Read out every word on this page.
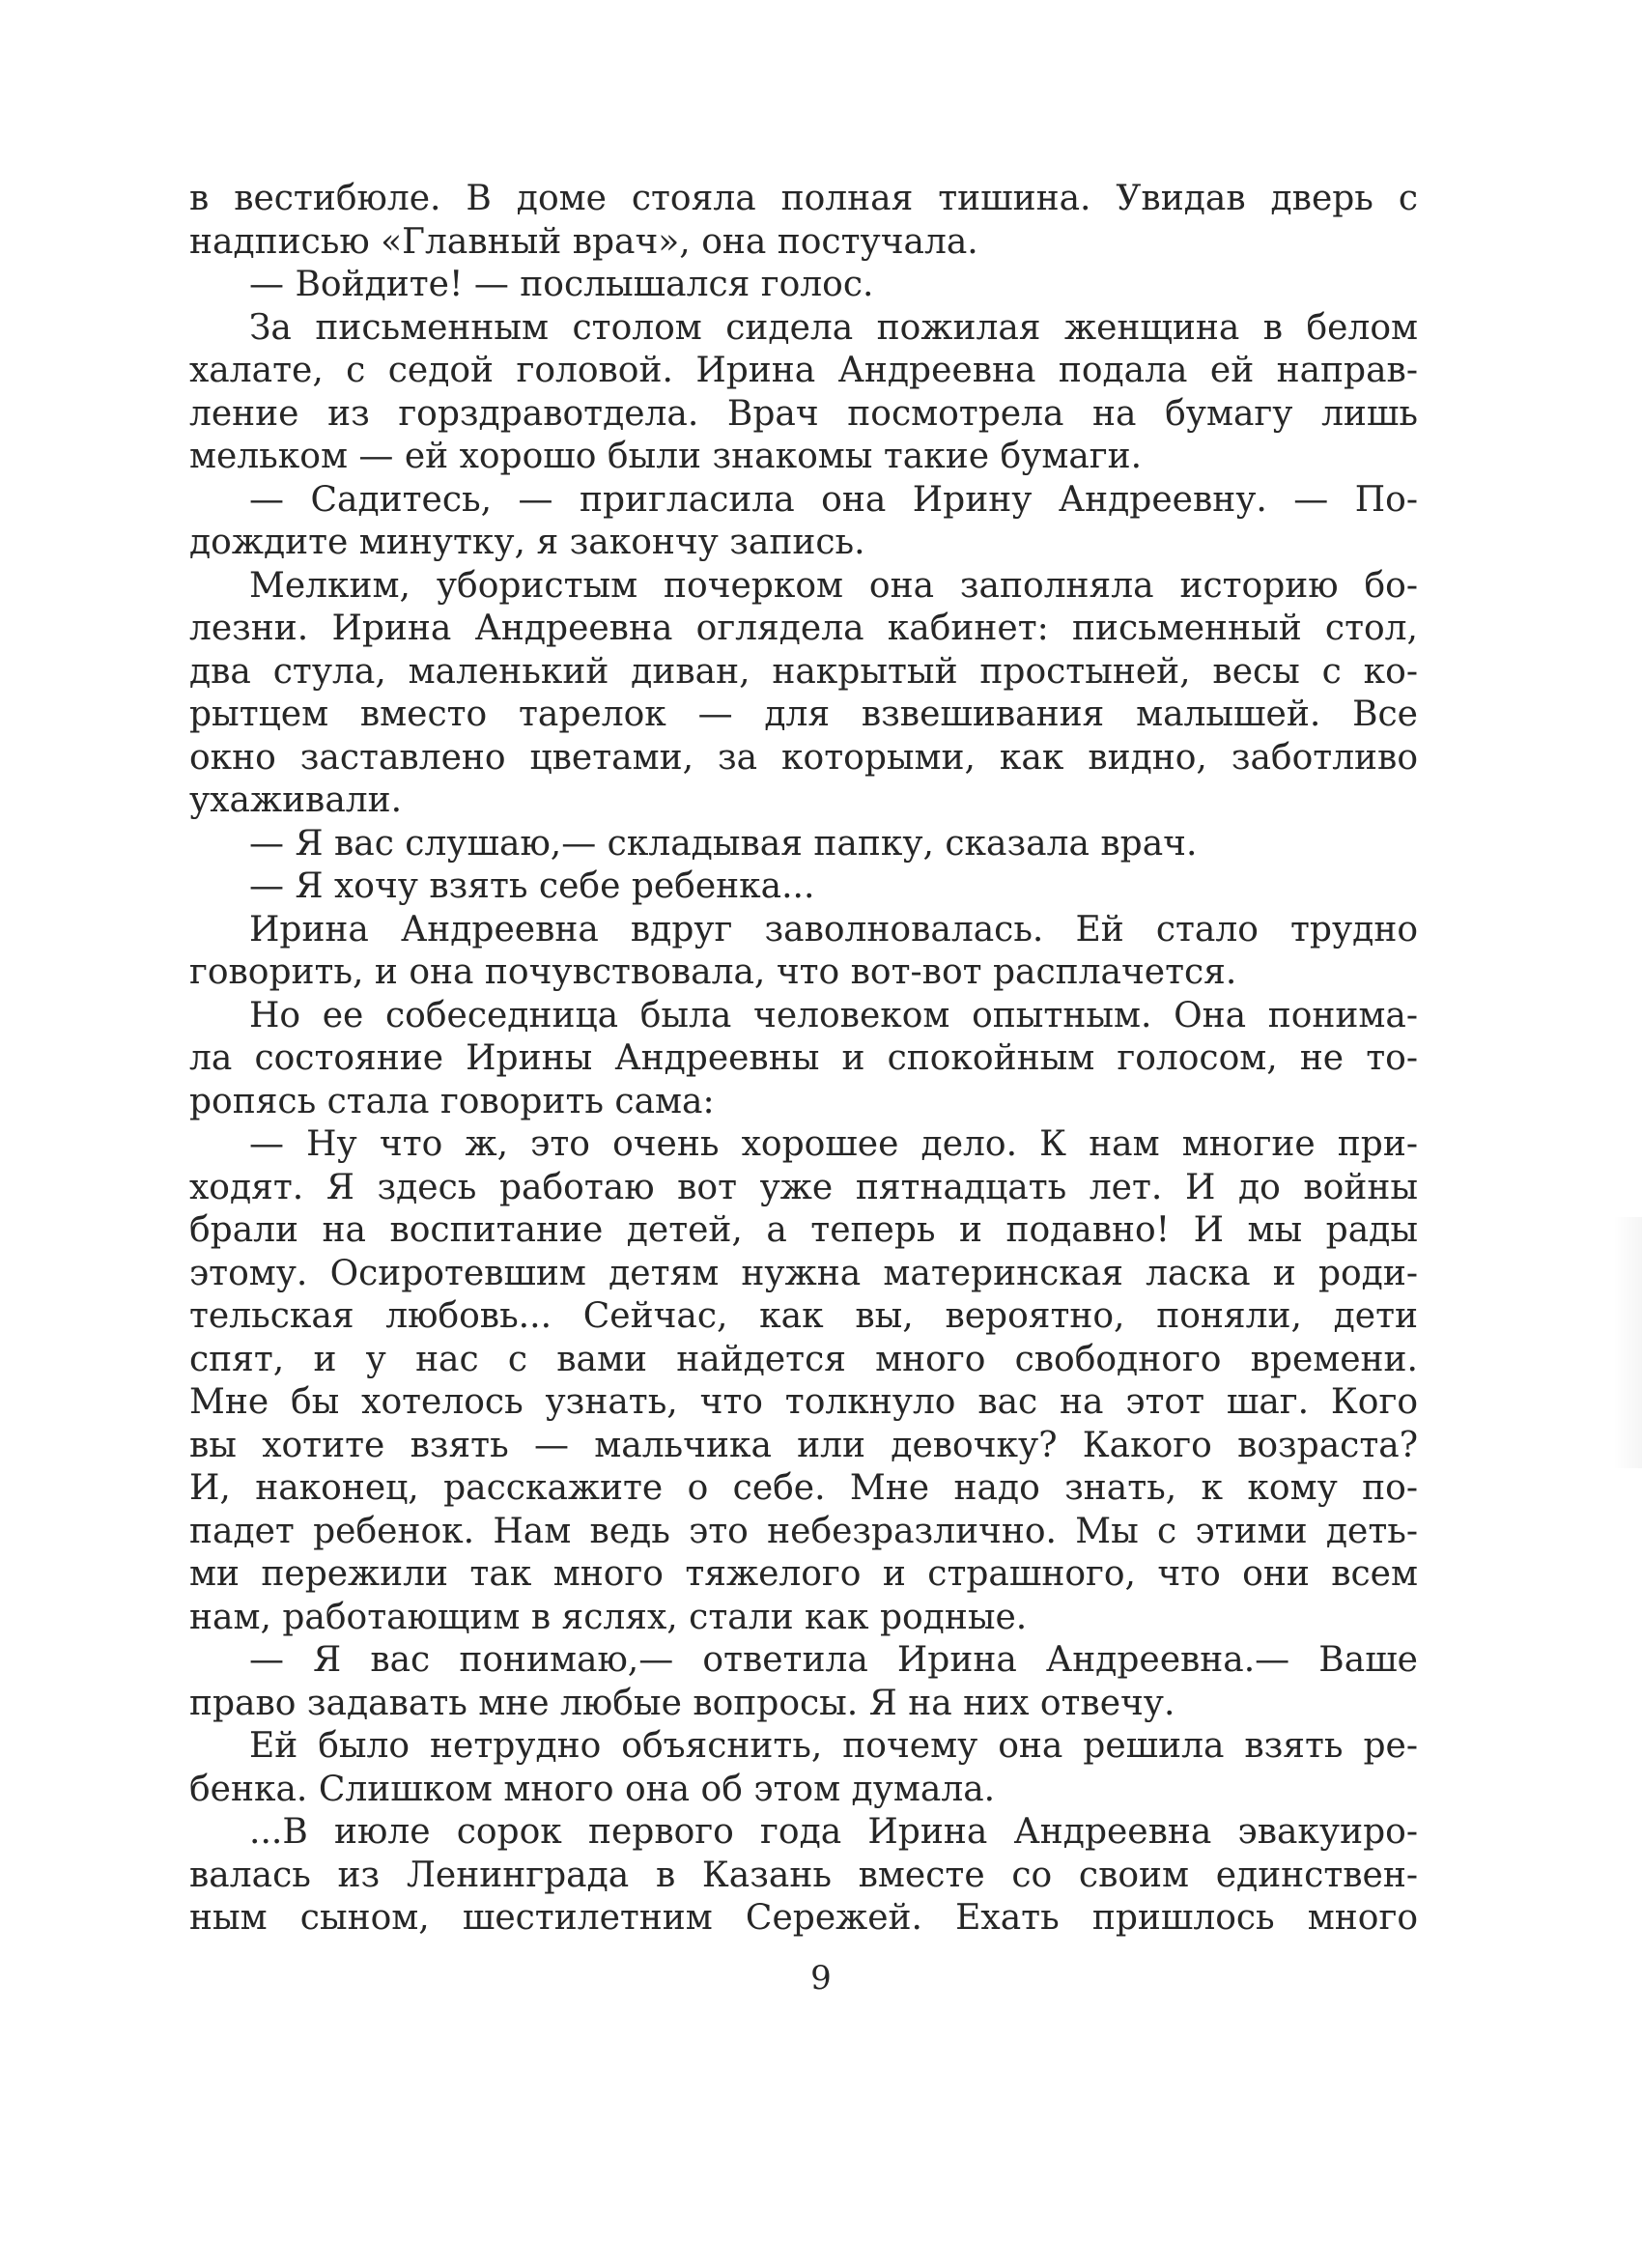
в вестибюле. В доме стояла полная тишина. Увидав дверь с
надписью «Главный врач», она постучала.
— Войдите! — послышался голос.
За письменным столом сидела пожилая женщина в белом
халате, с седой головой. Ирина Андреевна подала ей направ-
ление из горздравотдела. Врач посмотрела на бумагу лишь
мельком — ей хорошо были знакомы такие бумаги.
— Садитесь, — пригласила она Ирину Андреевну. — По-
дождите минутку, я закончу запись.
Мелким, убористым почерком она заполняла историю бо-
лезни. Ирина Андреевна оглядела кабинет: письменный стол,
два стула, маленький диван, накрытый простыней, весы с ко-
рытцем вместо тарелок — для взвешивания малышей. Все
окно заставлено цветами, за которыми, как видно, заботливо
ухаживали.
— Я вас слушаю,— складывая папку, сказала врач.
— Я хочу взять себе ребенка...
Ирина Андреевна вдруг заволновалась. Ей стало трудно
говорить, и она почувствовала, что вот-вот расплачется.
Но ее собеседница была человеком опытным. Она понима-
ла состояние Ирины Андреевны и спокойным голосом, не то-
ропясь стала говорить сама:
— Ну что ж, это очень хорошее дело. К нам многие при-
ходят. Я здесь работаю вот уже пятнадцать лет. И до войны
брали на воспитание детей, а теперь и подавно! И мы рады
этому. Осиротевшим детям нужна материнская ласка и роди-
тельская любовь... Сейчас, как вы, вероятно, поняли, дети
спят, и у нас с вами найдется много свободного времени.
Мне бы хотелось узнать, что толкнуло вас на этот шаг. Кого
вы хотите взять — мальчика или девочку? Какого возраста?
И, наконец, расскажите о себе. Мне надо знать, к кому по-
падет ребенок. Нам ведь это небезразлично. Мы с этими деть-
ми пережили так много тяжелого и страшного, что они всем
нам, работающим в яслях, стали как родные.
— Я вас понимаю,— ответила Ирина Андреевна.— Ваше
право задавать мне любые вопросы. Я на них отвечу.
Ей было нетрудно объяснить, почему она решила взять ре-
бенка. Слишком много она об этом думала.
...В июле сорок первого года Ирина Андреевна эвакуиро-
валась из Ленинграда в Казань вместе со своим единствен-
ным сыном, шестилетним Сережей. Ехать пришлось много
9
